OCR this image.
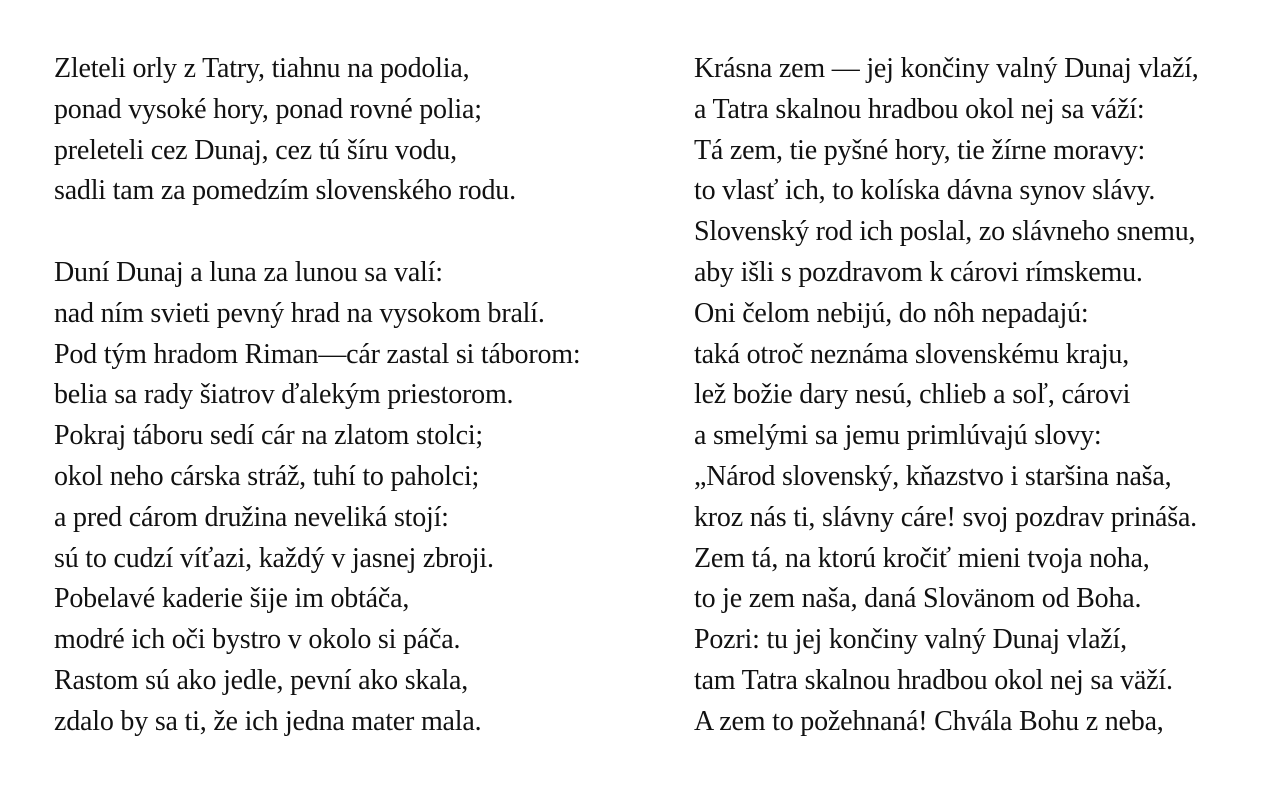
Zleteli orly z Tatry, tiahnu na podolia,
ponad vysoké hory, ponad rovné polia;
preleteli cez Dunaj, cez tú šíru vodu,
sadli tam za pomedzím slovenského rodu.
Duní Dunaj a luna za lunou sa valí:
nad ním svieti pevný hrad na vysokom bralí.
Pod tým hradom Riman—cár zastal si táborom:
belia sa rady šiatrov ďalekým priestorom.
Pokraj táboru sedí cár na zlatom stolci;
okol neho cárska stráž, tuhí to paholci;
a pred cárom družina neveliká stojí:
sú to cudzí víťazi, každý v jasnej zbroji.
Pobelavé kaderie šije im obtáča,
modré ich oči bystro v okolo si páča.
Rastom sú ako jedle, pevní ako skala,
zdalo by sa ti, že ich jedna mater mala.
Krásna zem — jej končiny valný Dunaj vlaží,
a Tatra skalnou hradbou okol nej sa váží:
Tá zem, tie pyšné hory, tie žírne moravy:
to vlasť ich, to kolíska dávna synov slávy.
Slovenský rod ich poslal, zo slávneho snemu,
aby išli s pozdravom k cárovi rímskemu.
Oni čelom nebijú, do nôh nepadajú:
taká otroč neznáma slovenskému kraju,
lež božie dary nesú, chlieb a soľ, cárovi
a smelými sa jemu primlúvajú slovy:
„Národ slovenský, kňazstvo i staršina naša,
kroz nás ti, slávny cáre! svoj pozdrav prináša.
Zem tá, na ktorú kročiť mieni tvoja noha,
to je zem naša, daná Slovänom od Boha.
Pozri: tu jej končiny valný Dunaj vlaží,
tam Tatra skalnou hradbou okol nej sa väží.
A zem to požehnaná! Chvála Bohu z neba,
